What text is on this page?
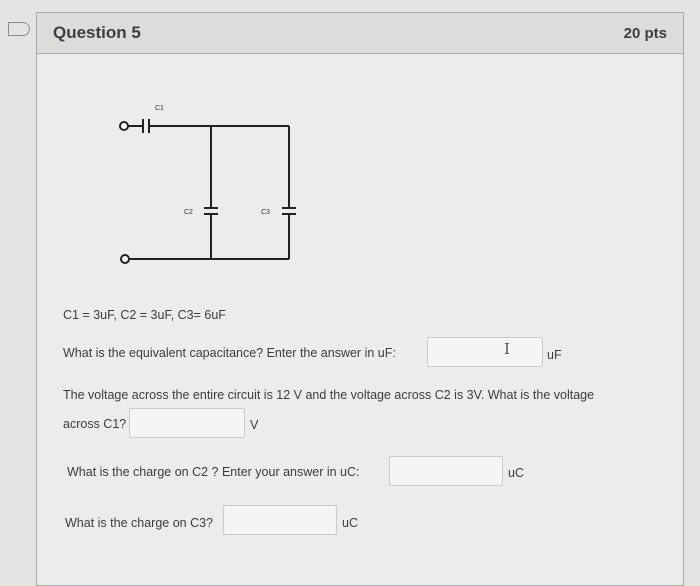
Question 5	20 pts
C1
C2	C3
C1 = 3uF, C2 = 3uF, C3= 6uF
What is the equivalent capacitance? Enter the answer in uF:	I	uF
The voltage across the entire circuit is 12 V and the voltage across C2 is 3V. What is the voltage
across C1?	V
What is the charge on C2 ? Enter your answer in uC:	uC
What is the charge on C3?	uC
